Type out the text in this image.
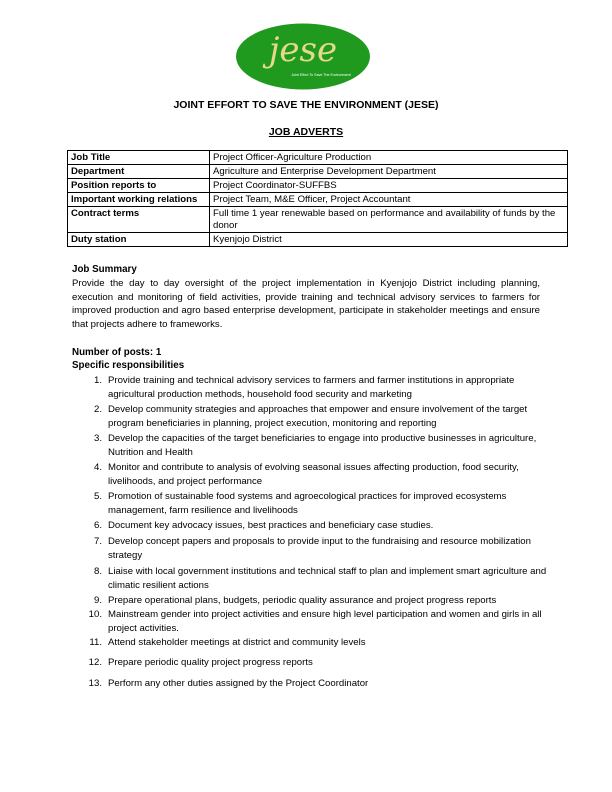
jese
Joint Effort To Save The Environment
JOINT EFFORT TO SAVE THE ENVIRONMENT (JESE)
JOB ADVERTS
Job Title	Project Officer-Agriculture Production
Department	Agriculture and Enterprise Development Department
Position reports to	Project Coordinator-SUFFBS
Important working relations	Project Team, M&E Officer, Project Accountant
Contract terms	Full time 1 year renewable based on performance and availability of funds by the donor
Duty station	Kyenjojo District
Job Summary
Provide the day to day oversight of the project implementation in Kyenjojo District including planning, execution and monitoring of field activities, provide training and technical advisory services to farmers for improved production and agro based enterprise development, participate in stakeholder meetings and ensure that projects adhere to frameworks.
Number of posts: 1
Specific responsibilities
1. Provide training and technical advisory services to farmers and farmer institutions in appropriate agricultural production methods, household food security and marketing
2. Develop community strategies and approaches that empower and ensure involvement of the target program beneficiaries in planning, project execution, monitoring and reporting
3. Develop the capacities of the target beneficiaries to engage into productive businesses in agriculture, Nutrition and Health
4. Monitor and contribute to analysis of evolving seasonal issues affecting production, food security, livelihoods, and project performance
5. Promotion of sustainable food systems and agroecological practices for improved ecosystems management, farm resilience and livelihoods
6. Document key advocacy issues, best practices and beneficiary case studies.
7. Develop concept papers and proposals to provide input to the fundraising and resource mobilization strategy
8. Liaise with local government institutions and technical staff to plan and implement smart agriculture and climatic resilient actions
9. Prepare operational plans, budgets, periodic quality assurance and project progress reports
10. Mainstream gender into project activities and ensure high level participation and women and girls in all project activities.
11. Attend stakeholder meetings at district and community levels
12. Prepare periodic quality project progress reports
13. Perform any other duties assigned by the Project Coordinator
